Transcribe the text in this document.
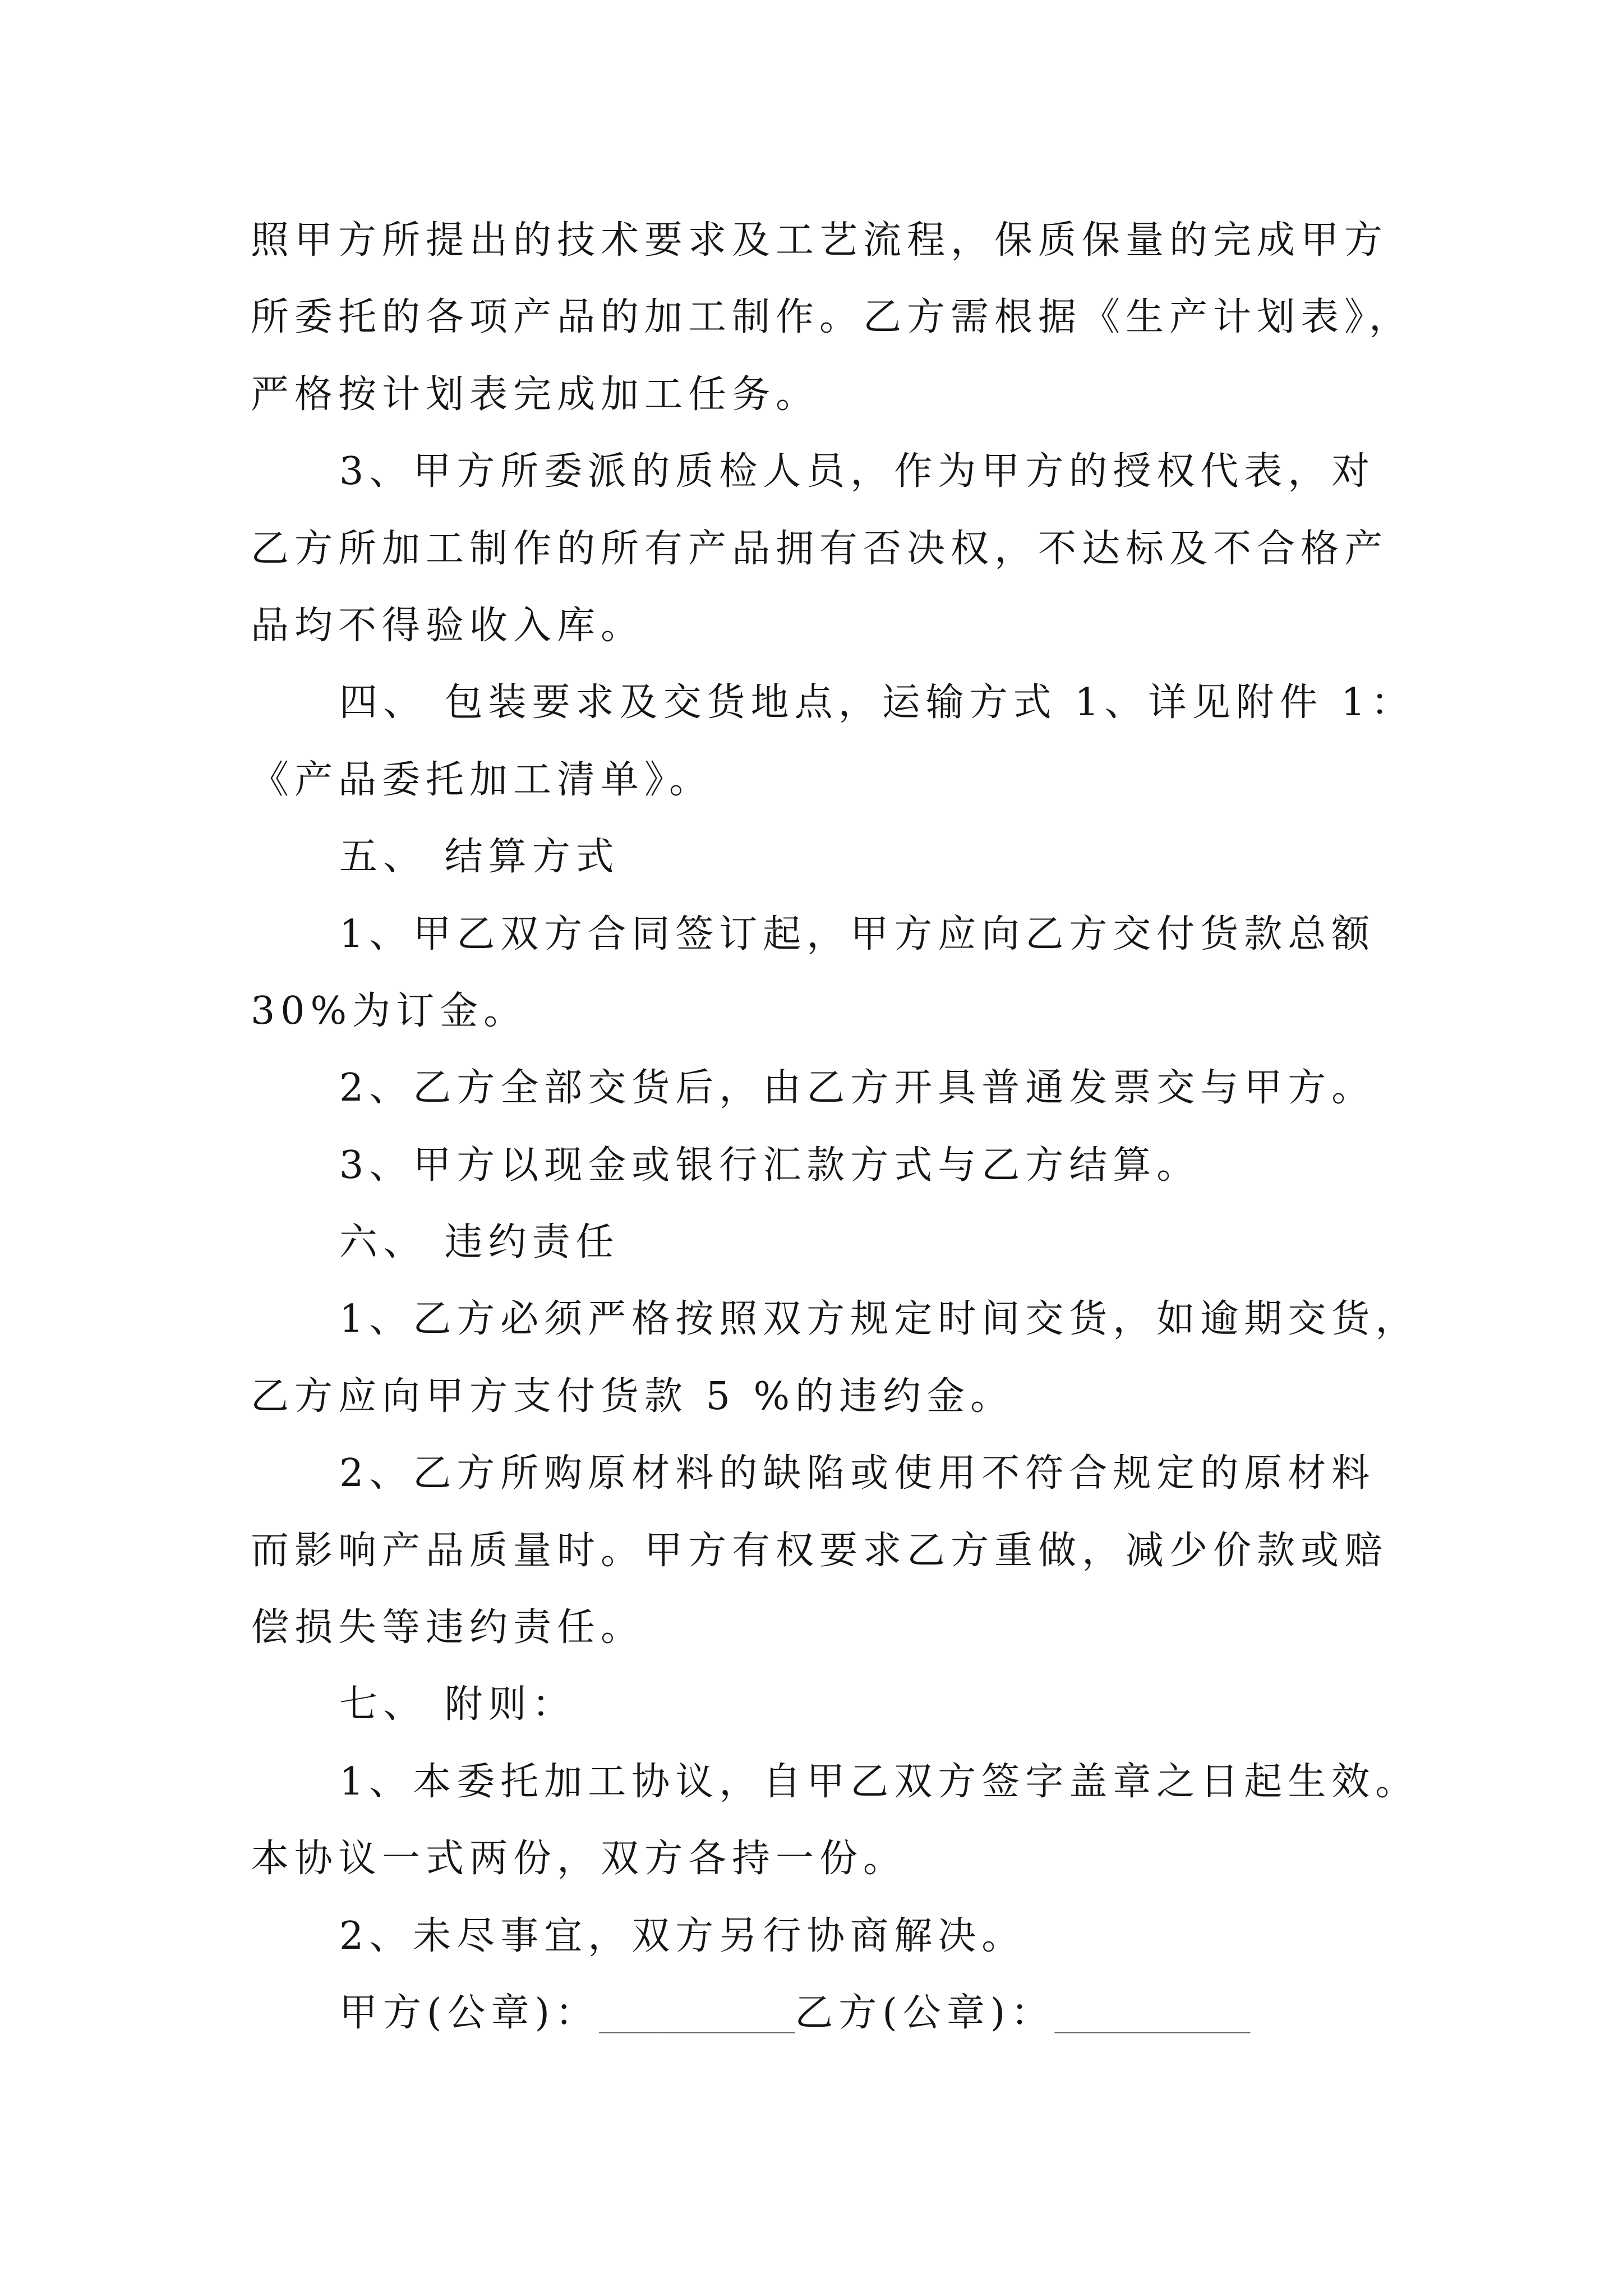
照甲方所提出的技术要求及工艺流程，保质保量的完成甲方
所委托的各项产品的加工制作。乙方需根据《生产计划表》，
严格按计划表完成加工任务。
3、甲方所委派的质检人员，作为甲方的授权代表，对
乙方所加工制作的所有产品拥有否决权，不达标及不合格产
品均不得验收入库。
四、 包装要求及交货地点，运输方式 1、详见附件 1：
《产品委托加工清单》。
五、 结算方式
1、甲乙双方合同签订起，甲方应向乙方交付货款总额
30%为订金。
2、乙方全部交货后，由乙方开具普通发票交与甲方。
3、甲方以现金或银行汇款方式与乙方结算。
六、 违约责任
1、乙方必须严格按照双方规定时间交货，如逾期交货，
乙方应向甲方支付货款 5 %的违约金。
2、乙方所购原材料的缺陷或使用不符合规定的原材料
而影响产品质量时。甲方有权要求乙方重做，减少价款或赔
偿损失等违约责任。
七、 附则：
1、本委托加工协议，自甲乙双方签字盖章之日起生效。
本协议一式两份，双方各持一份。
2、未尽事宜，双方另行协商解决。
甲方(公章)：__________乙方(公章)：__________
